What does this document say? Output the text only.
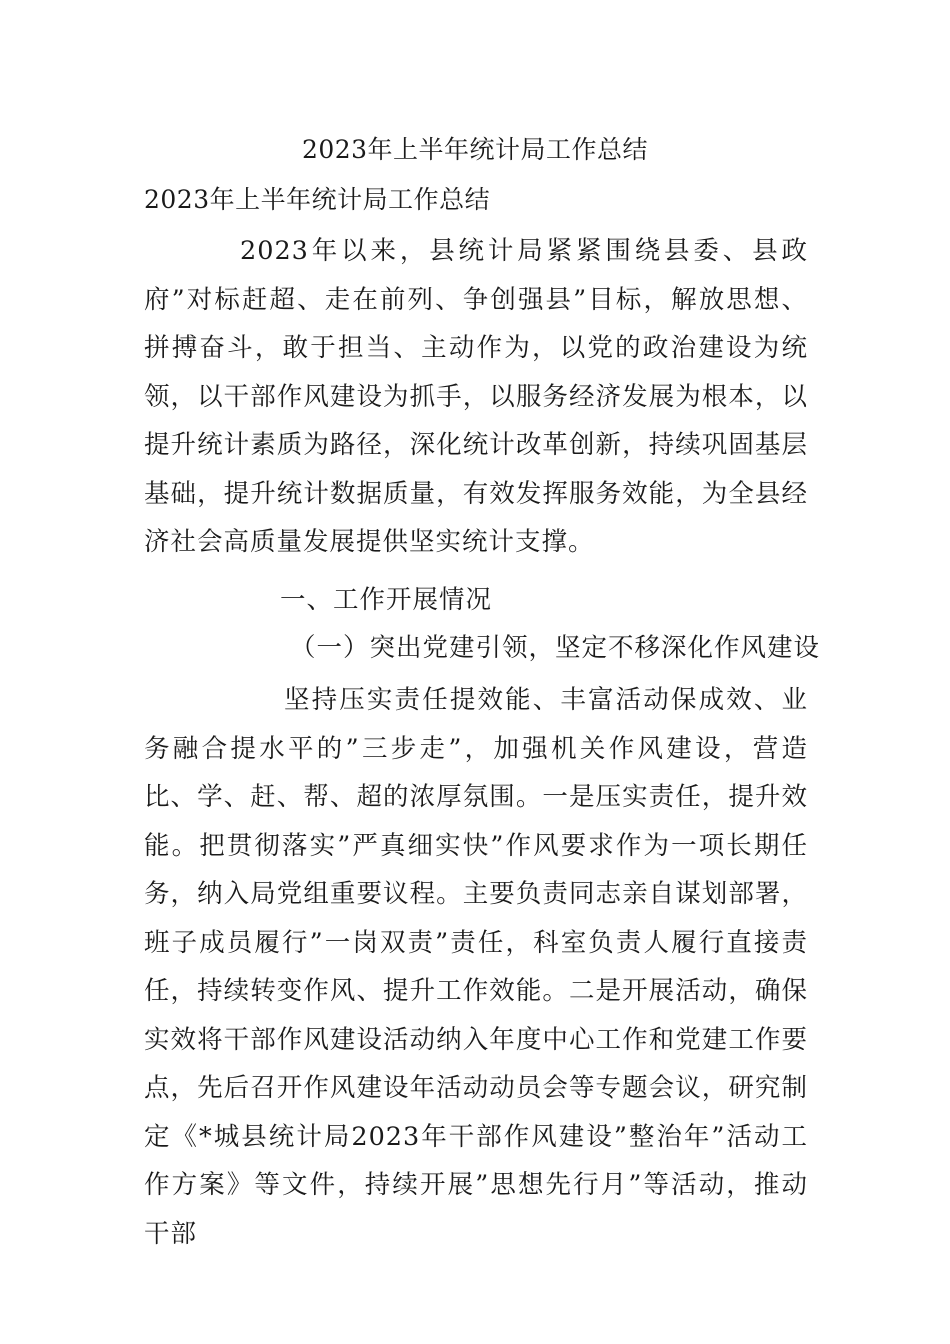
2023年上半年统计局工作总结
2023年上半年统计局工作总结

2023年以来，县统计局紧紧围绕县委、县政府”对标赶超、走在前列、争创强县”目标，解放思想、拼搏奋斗，敢于担当、主动作为，以党的政治建设为统领，以干部作风建设为抓手，以服务经济发展为根本，以提升统计素质为路径，深化统计改革创新，持续巩固基层基础，提升统计数据质量，有效发挥服务效能，为全县经济社会高质量发展提供坚实统计支撑。

一、工作开展情况
（一）突出党建引领，坚定不移深化作风建设

坚持压实责任提效能、丰富活动保成效、业务融合提水平的”三步走”，加强机关作风建设，营造比、学、赶、帮、超的浓厚氛围。一是压实责任，提升效能。把贯彻落实”严真细实快”作风要求作为一项长期任务，纳入局党组重要议程。主要负责同志亲自谋划部署，班子成员履行”一岗双责”责任，科室负责人履行直接责任，持续转变作风、提升工作效能。二是开展活动，确保实效将干部作风建设活动纳入年度中心工作和党建工作要点，先后召开作风建设年活动动员会等专题会议，研究制定《*城县统计局2023年干部作风建设”整治年”活动工作方案》等文件，持续开展”思想先行月”等活动，推动干部
